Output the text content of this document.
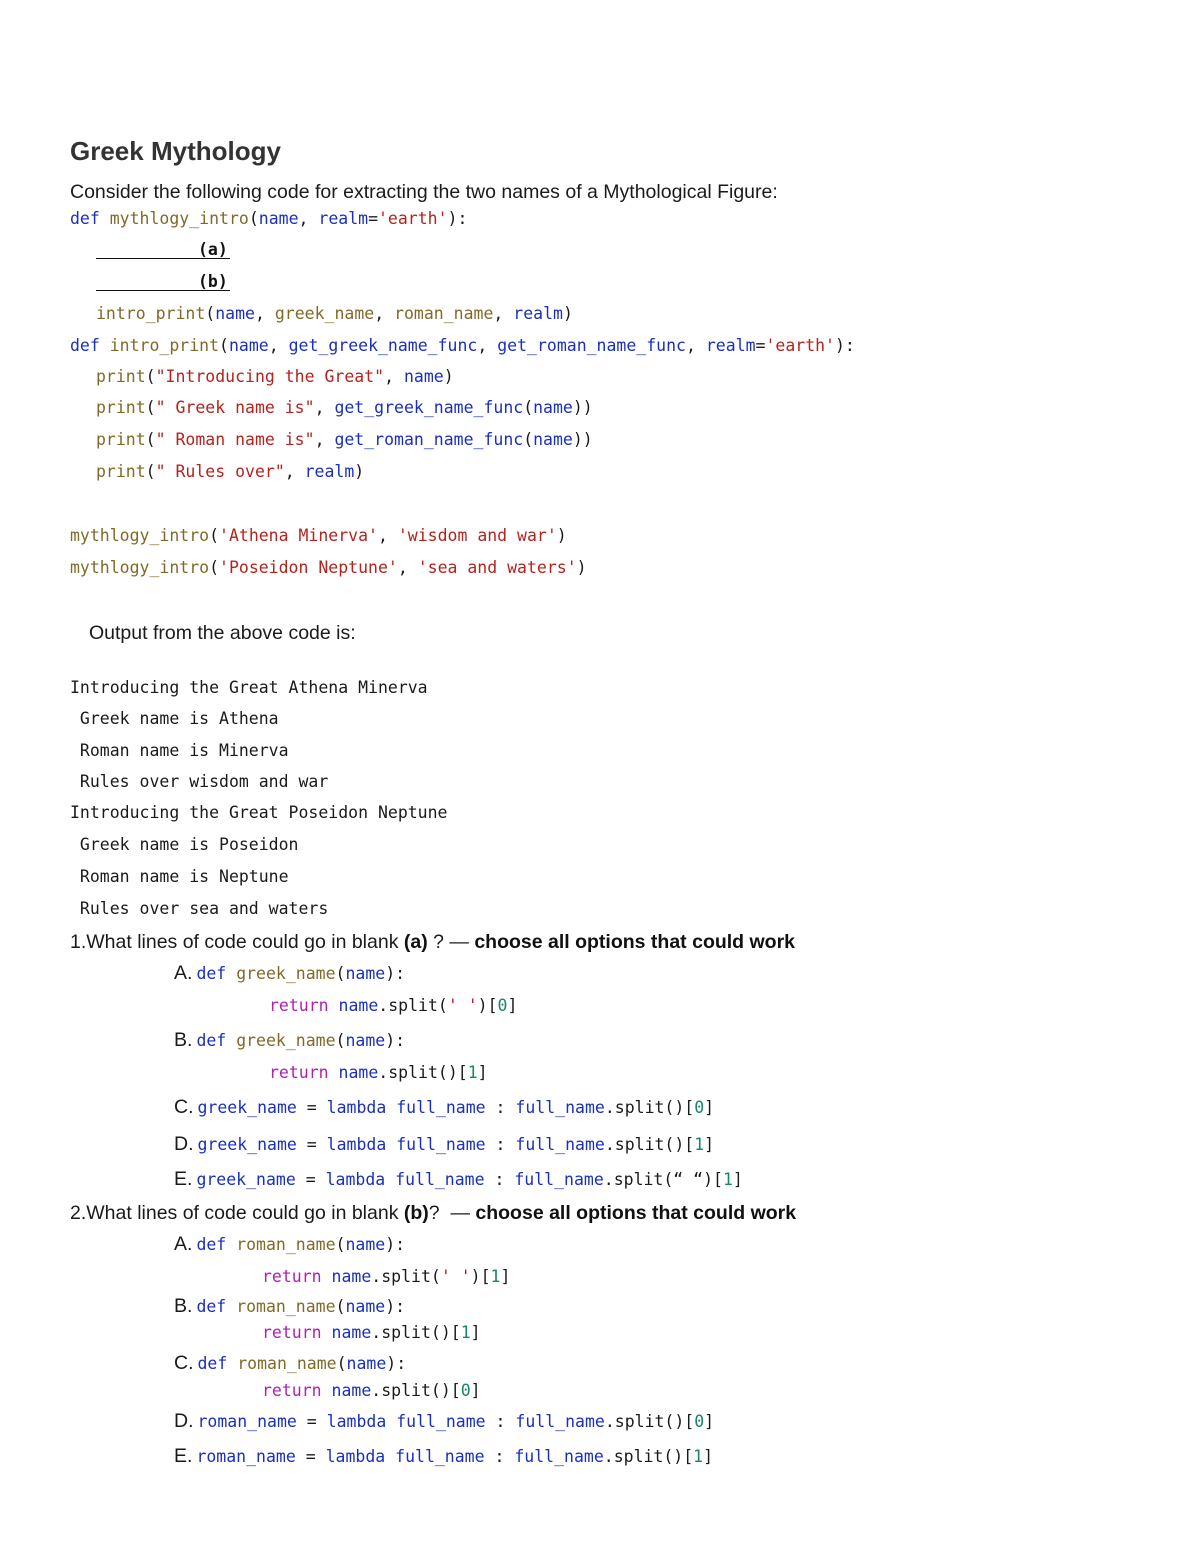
Greek Mythology
Consider the following code for extracting the two names of a Mythological Figure:
def mythlogy_intro(name, realm='earth'):
(a)
(b)
intro_print(name, greek_name, roman_name, realm)
def intro_print(name, get_greek_name_func, get_roman_name_func, realm='earth'):
print("Introducing the Great", name)
print(" Greek name is", get_greek_name_func(name))
print(" Roman name is", get_roman_name_func(name))
print(" Rules over", realm)
mythlogy_intro('Athena Minerva', 'wisdom and war')
mythlogy_intro('Poseidon Neptune', 'sea and waters')
Output from the above code is:
Introducing the Great Athena Minerva
Greek name is Athena
Roman name is Minerva
Rules over wisdom and war
Introducing the Great Poseidon Neptune
Greek name is Poseidon
Roman name is Neptune
Rules over sea and waters
1.What lines of code could go in blank (a) ? — choose all options that could work
A. def greek_name(name):
return name.split(' ')[0]
B. def greek_name(name):
return name.split()[1]
C. greek_name = lambda full_name : full_name.split()[0]
D. greek_name = lambda full_name : full_name.split()[1]
E. greek_name = lambda full_name : full_name.split(“ “)[1]
2.What lines of code could go in blank (b)?  — choose all options that could work
A. def roman_name(name):
return name.split(' ')[1]
B. def roman_name(name):
return name.split()[1]
C. def roman_name(name):
return name.split()[0]
D. roman_name = lambda full_name : full_name.split()[0]
E. roman_name = lambda full_name : full_name.split()[1]
